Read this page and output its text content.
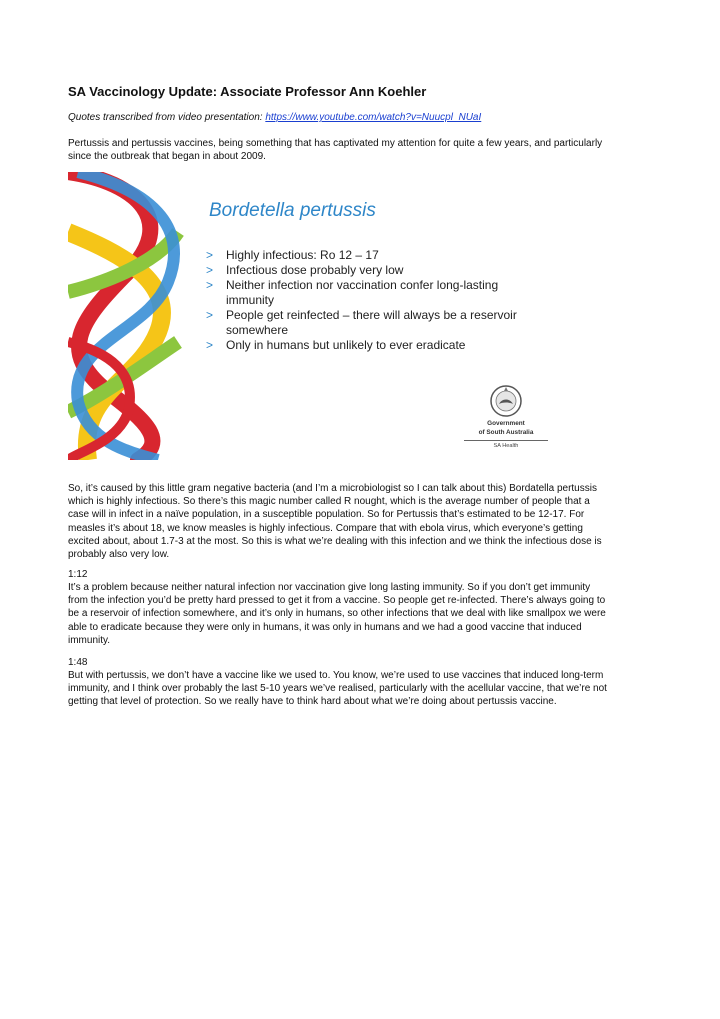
SA Vaccinology Update: Associate Professor Ann Koehler

Quotes transcribed from video presentation: https://www.youtube.com/watch?v=Nuucpl_NUaI

Pertussis and pertussis vaccines, being something that has captivated my attention for quite a few years, and particularly since the outbreak that began in about 2009.

So, it’s caused by this little gram negative bacteria (and I’m a microbiologist so I can talk about this) Bordatella pertussis which is highly infectious. So there’s this magic number called R nought, which is the average number of people that a case will in infect in a naïve population, in a susceptible population. So for Pertussis that’s estimated to be 12-17. For measles it’s about 18, we know measles is highly infectious. Compare that with ebola virus, which everyone’s getting excited about, about 1.7-3 at the most. So this is what we’re dealing with this infection and we think the infectious dose is probably also very low.

1:12

It’s a problem because neither natural infection nor vaccination give long lasting immunity. So if you don’t get immunity from the infection you’d be pretty hard pressed to get it from a vaccine. So people get re-infected. There’s always going to be a reservoir of infection somewhere, and it’s only in humans, so other infections that we deal with like smallpox we were able to eradicate because they were only in humans, it was only in humans and we had a good vaccine that induced immunity.

1:48

But with pertussis, we don’t have a vaccine like we used to. You know, we’re used to use vaccines that induced long-term immunity, and I think over probably the last 5-10 years we’ve realised, particularly with the acellular vaccine, that we’re not getting that level of protection. So we really have to think hard about what we’re doing about pertussis vaccine.

Bordetella pertussis
> Highly infectious: Ro 12 – 17
> Infectious dose probably very low
> Neither infection nor vaccination confer long-lasting immunity
> People get reinfected – there will always be a reservoir somewhere
> Only in humans but unlikely to ever eradicate
Government
of South Australia
SA Health
